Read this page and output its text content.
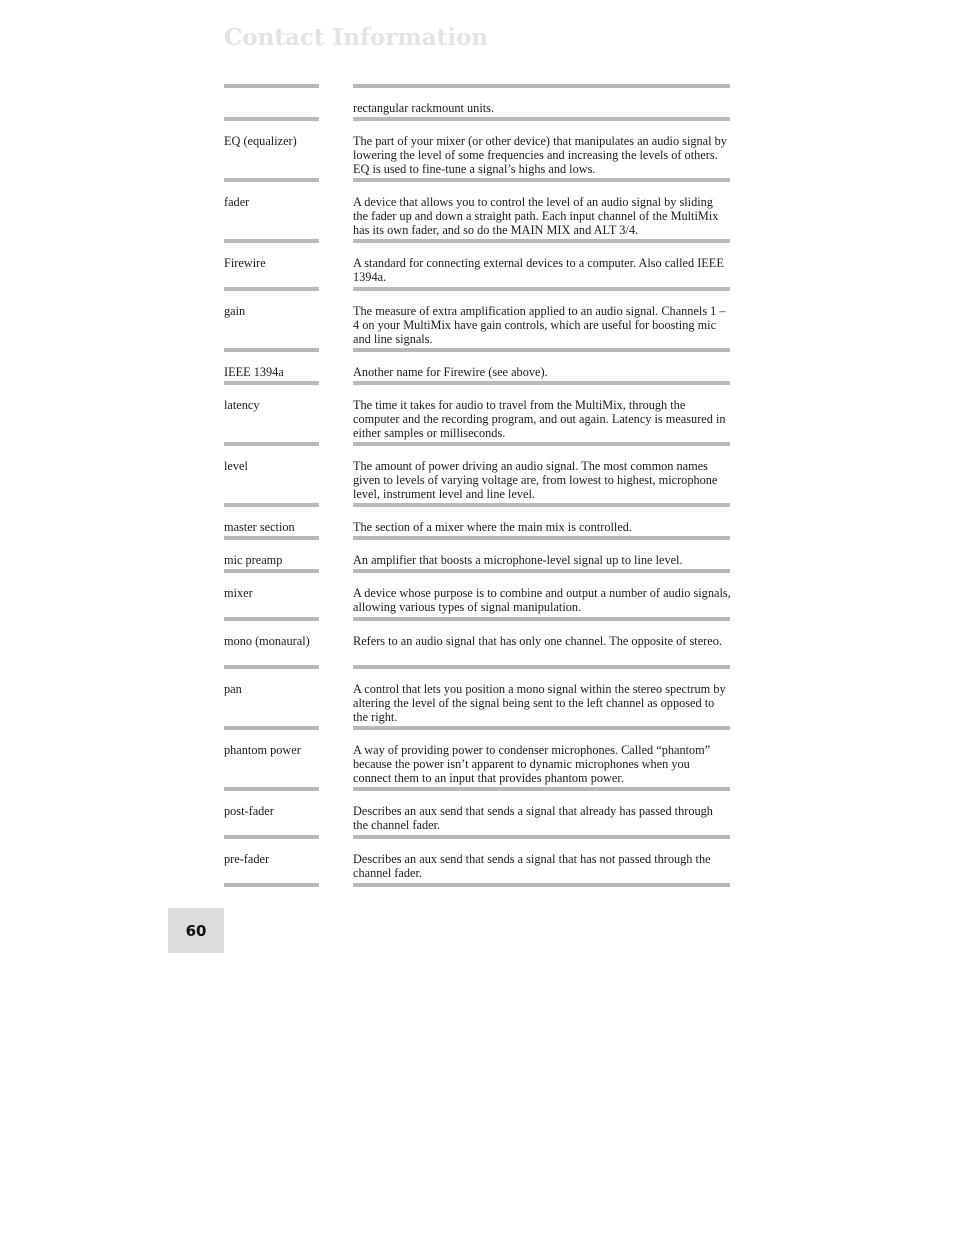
Contact Information
rectangular rackmount units.
EQ (equalizer)	The part of your mixer (or other device) that manipulates an audio signal by lowering the level of some frequencies and increasing the levels of others. EQ is used to fine-tune a signal’s highs and lows.
fader	A device that allows you to control the level of an audio signal by sliding the fader up and down a straight path. Each input channel of the MultiMix has its own fader, and so do the MAIN MIX and ALT 3/4.
Firewire	A standard for connecting external devices to a computer. Also called IEEE 1394a.
gain	The measure of extra amplification applied to an audio signal. Channels 1 – 4 on your MultiMix have gain controls, which are useful for boosting mic and line signals.
IEEE 1394a	Another name for Firewire (see above).
latency	The time it takes for audio to travel from the MultiMix, through the computer and the recording program, and out again. Latency is measured in either samples or milliseconds.
level	The amount of power driving an audio signal. The most common names given to levels of varying voltage are, from lowest to highest, microphone level, instrument level and line level.
master section	The section of a mixer where the main mix is controlled.
mic preamp	An amplifier that boosts a microphone-level signal up to line level.
mixer	A device whose purpose is to combine and output a number of audio signals, allowing various types of signal manipulation.
mono (monaural)	Refers to an audio signal that has only one channel. The opposite of stereo.
pan	A control that lets you position a mono signal within the stereo spectrum by altering the level of the signal being sent to the left channel as opposed to the right.
phantom power	A way of providing power to condenser microphones. Called “phantom” because the power isn’t apparent to dynamic microphones when you connect them to an input that provides phantom power.
post-fader	Describes an aux send that sends a signal that already has passed through the channel fader.
pre-fader	Describes an aux send that sends a signal that has not passed through the channel fader.
60
